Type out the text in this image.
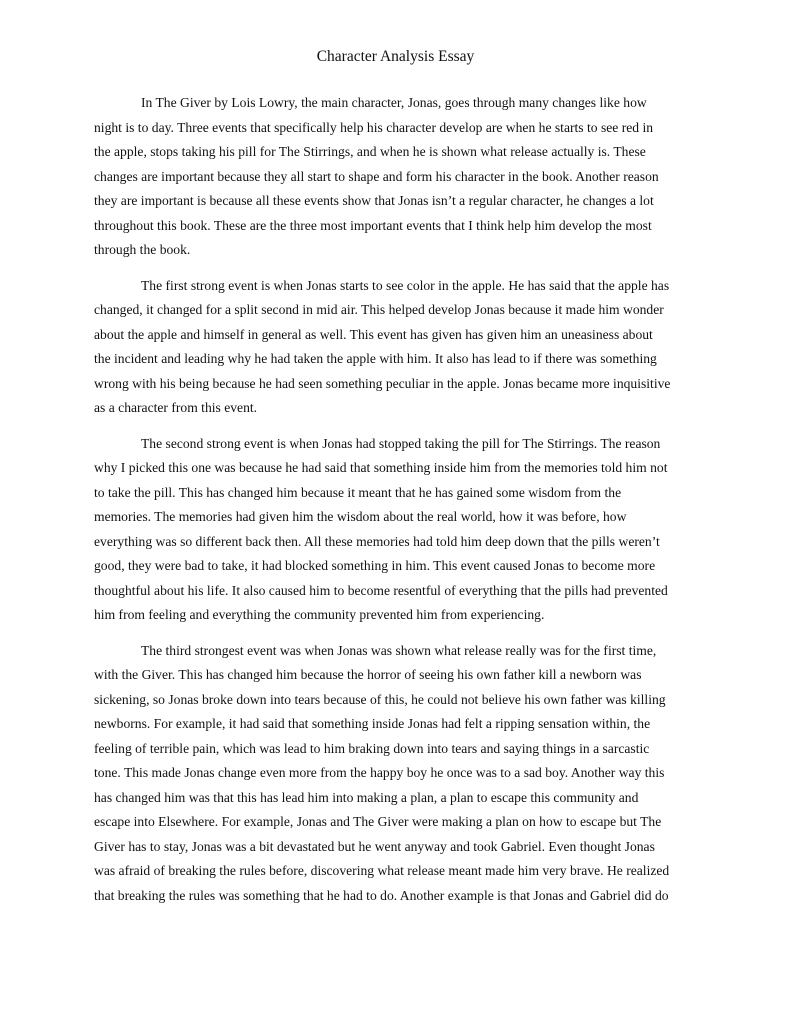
Character Analysis Essay

In The Giver by Lois Lowry, the main character, Jonas, goes through many changes like how
night is to day. Three events that specifically help his character develop are when he starts to see red in
the apple, stops taking his pill for The Stirrings, and when he is shown what release actually is. These
changes are important because they all start to shape and form his character in the book. Another reason
they are important is because all these events show that Jonas isn’t a regular character, he changes a lot
throughout this book. These are the three most important events that I think help him develop the most
through the book.

The first strong event is when Jonas starts to see color in the apple. He has said that the apple has
changed, it changed for a split second in mid air. This helped develop Jonas because it made him wonder
about the apple and himself in general as well. This event has given has given him an uneasiness about
the incident and leading why he had taken the apple with him. It also has lead to if there was something
wrong with his being because he had seen something peculiar in the apple. Jonas became more inquisitive
as a character from this event.

The second strong event is when Jonas had stopped taking the pill for The Stirrings. The reason
why I picked this one was because he had said that something inside him from the memories told him not
to take the pill. This has changed him because it meant that he has gained some wisdom from the
memories. The memories had given him the wisdom about the real world, how it was before, how
everything was so different back then. All these memories had told him deep down that the pills weren’t
good, they were bad to take, it had blocked something in him. This event caused Jonas to become more
thoughtful about his life. It also caused him to become resentful of everything that the pills had prevented
him from feeling and everything the community prevented him from experiencing.

The third strongest event was when Jonas was shown what release really was for the first time,
with the Giver. This has changed him because the horror of seeing his own father kill a newborn was
sickening, so Jonas broke down into tears because of this, he could not believe his own father was killing
newborns. For example, it had said that something inside Jonas had felt a ripping sensation within, the
feeling of terrible pain, which was lead to him braking down into tears and saying things in a sarcastic
tone. This made Jonas change even more from the happy boy he once was to a sad boy. Another way this
has changed him was that this has lead him into making a plan, a plan to escape this community and
escape into Elsewhere. For example, Jonas and The Giver were making a plan on how to escape but The
Giver has to stay, Jonas was a bit devastated but he went anyway and took Gabriel. Even thought Jonas
was afraid of breaking the rules before, discovering what release meant made him very brave. He realized
that breaking the rules was something that he had to do. Another example is that Jonas and Gabriel did do
